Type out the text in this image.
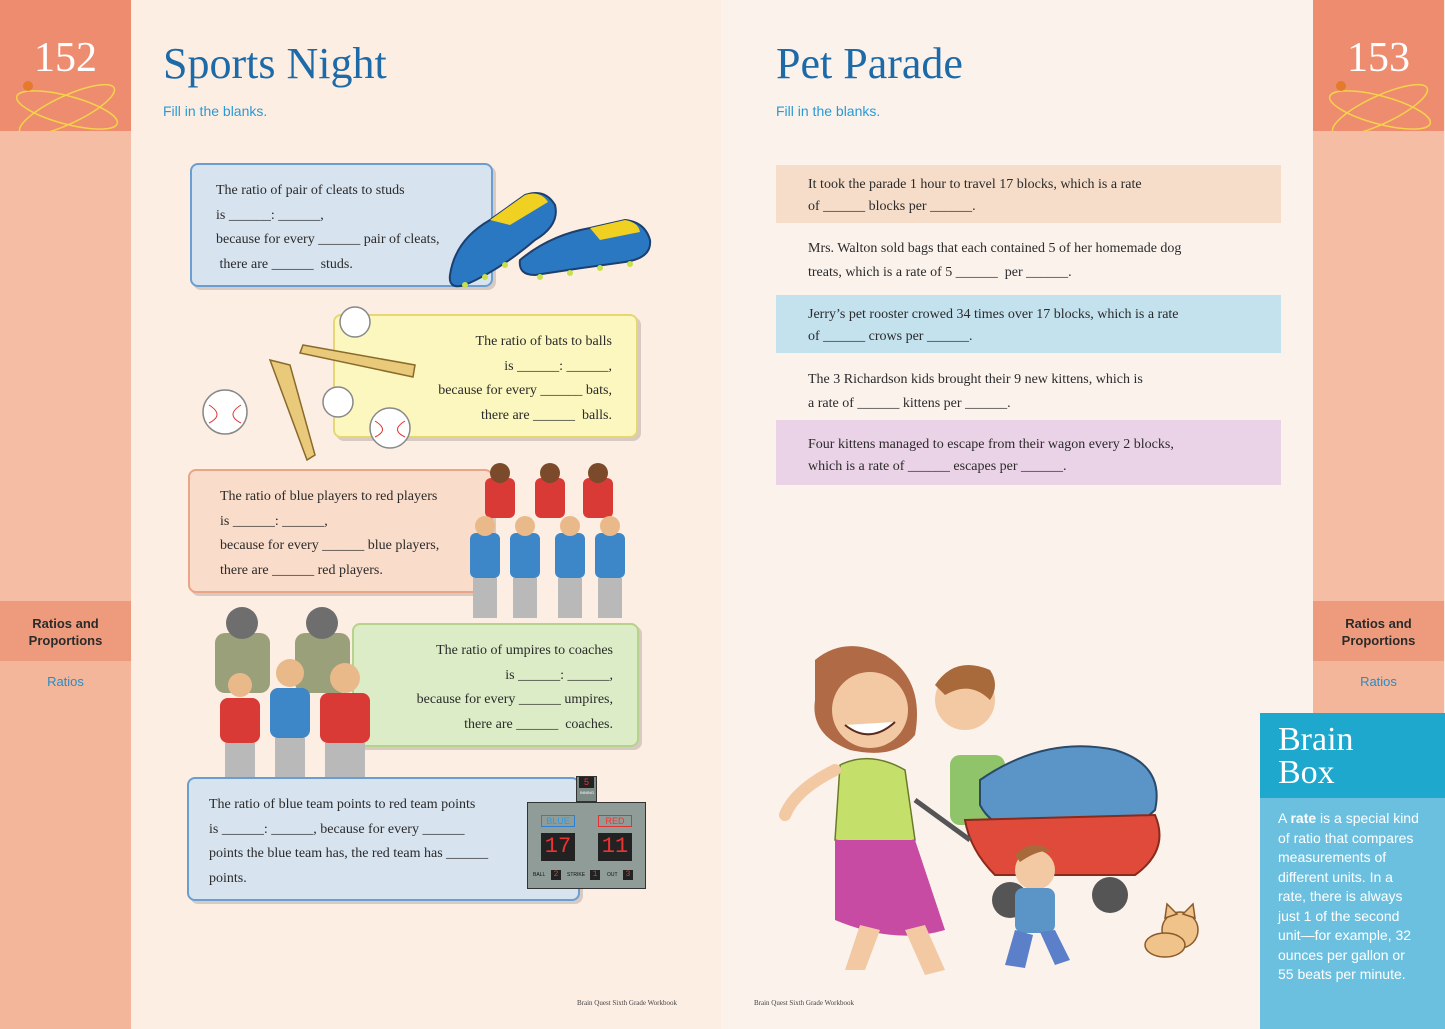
152
Ratios and
Proportions
Ratios
Sports Night
Fill in the blanks.
The ratio of pair of cleats to studs
is ______: ______,
because for every ______ pair of cleats,
there are ______  studs.
The ratio of bats to balls
is ______: ______,
because for every ______ bats,
there are ______  balls.
The ratio of blue players to red players
is ______: ______,
because for every ______ blue players,
there are ______ red players.
The ratio of umpires to coaches
is ______: ______,
because for every ______ umpires,
there are ______  coaches.
The ratio of blue team points to red team points
is ______: ______, because for every ______
points the blue team has, the red team has ______
points.
5
INNING
BLUE	RED
17 11
BALL	2	STRIKE 1	OUT	3
Brain Quest Sixth Grade Workbook
Pet Parade
Fill in the blanks.
It took the parade 1 hour to travel 17 blocks, which is a rate
of ______ blocks per ______.
Mrs. Walton sold bags that each contained 5 of her homemade dog
treats, which is a rate of 5 ______  per ______.
Jerry’s pet rooster crowed 34 times over 17 blocks, which is a rate
of ______ crows per ______.
The 3 Richardson kids brought their 9 new kittens, which is
a rate of ______ kittens per ______.
Four kittens managed to escape from their wagon every 2 blocks,
which is a rate of ______ escapes per ______.
Brain Quest Sixth Grade Workbook
153
Ratios and
Proportions
Ratios
Brain
Box
A rate is a special kind
of ratio that compares
measurements of
different units. In a
rate, there is always
just 1 of the second
unit—for example, 32
ounces per gallon or
55 beats per minute.
